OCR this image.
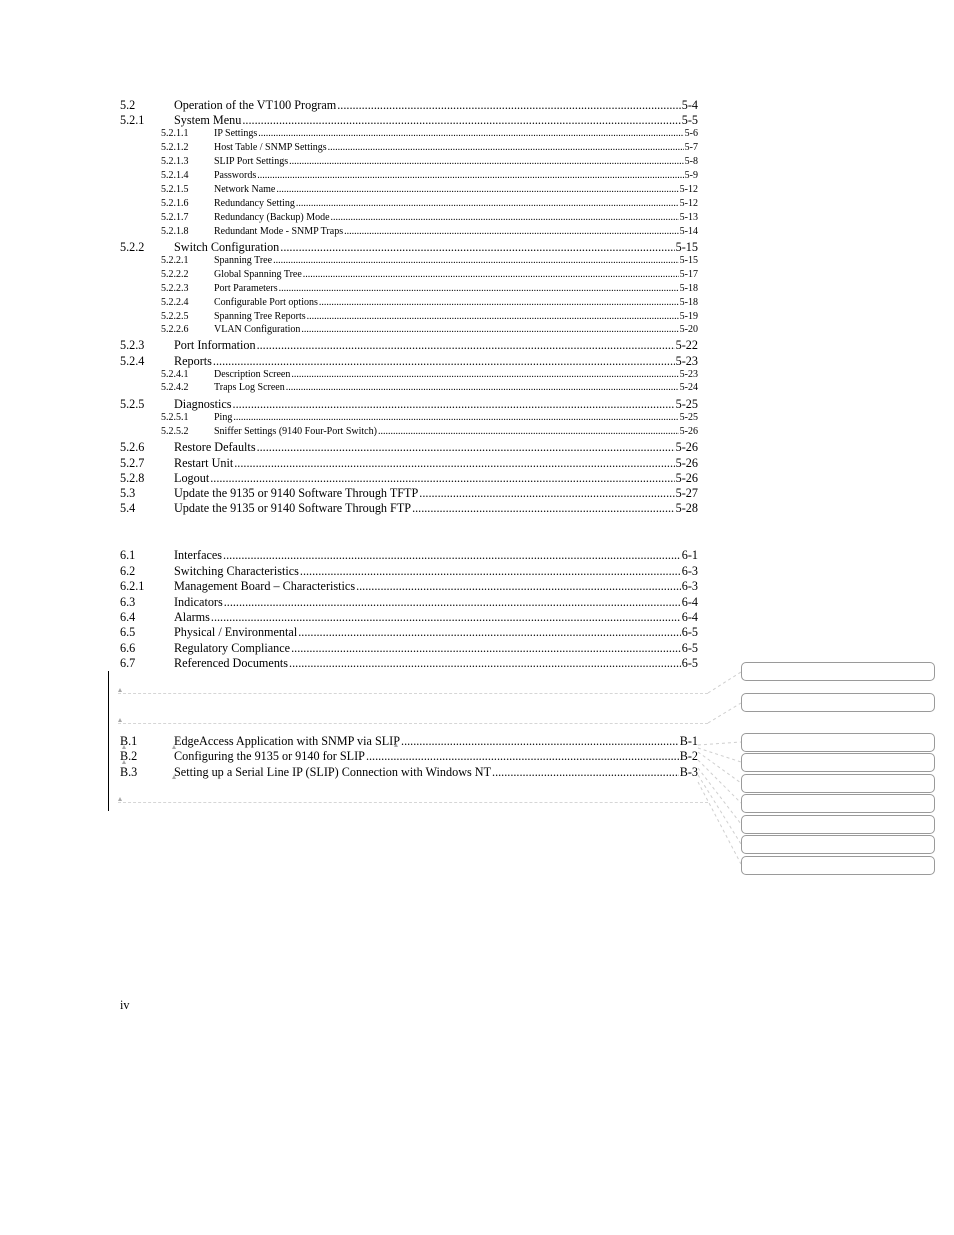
5.2	Operation of the VT100 Program .....	5-4
5.2.1	System Menu .....	5-5
5.2.1.1	IP Settings .....	5-6
5.2.1.2	Host Table / SNMP Settings .....	5-7
5.2.1.3	SLIP Port Settings .....	5-8
5.2.1.4	Passwords .....	5-9
5.2.1.5	Network Name .....	5-12
5.2.1.6	Redundancy Setting .....	5-12
5.2.1.7	Redundancy (Backup) Mode .....	5-13
5.2.1.8	Redundant Mode - SNMP Traps .....	5-14
5.2.2	Switch Configuration .....	5-15
5.2.2.1	Spanning Tree .....	5-15
5.2.2.2	Global Spanning Tree .....	5-17
5.2.2.3	Port Parameters .....	5-18
5.2.2.4	Configurable Port options .....	5-18
5.2.2.5	Spanning Tree Reports .....	5-19
5.2.2.6	VLAN Configuration .....	5-20
5.2.3	Port Information .....	5-22
5.2.4	Reports .....	5-23
5.2.4.1	Description Screen .....	5-23
5.2.4.2	Traps Log Screen .....	5-24
5.2.5	Diagnostics .....	5-25
5.2.5.1	Ping .....	5-25
5.2.5.2	Sniffer Settings (9140 Four-Port Switch) .....	5-26
5.2.6	Restore Defaults .....	5-26
5.2.7	Restart Unit .....	5-26
5.2.8	Logout .....	5-26
5.3	Update the 9135 or 9140 Software Through TFTP .....	5-27
5.4	Update the 9135 or 9140 Software Through FTP .....	5-28
6.1	Interfaces .....	6-1
6.2	Switching Characteristics .....	6-3
6.2.1	Management Board – Characteristics .....	6-3
6.3	Indicators .....	6-4
6.4	Alarms .....	6-4
6.5	Physical / Environmental .....	6-5
6.6	Regulatory Compliance .....	6-5
6.7	Referenced Documents .....	6-5
B.1	EdgeAccess Application with SNMP via SLIP .....	B-1
B.2	Configuring the 9135 or 9140 for SLIP .....	B-2
B.3	Setting up a Serial Line IP (SLIP) Connection with Windows NT .....	B-3
iv
